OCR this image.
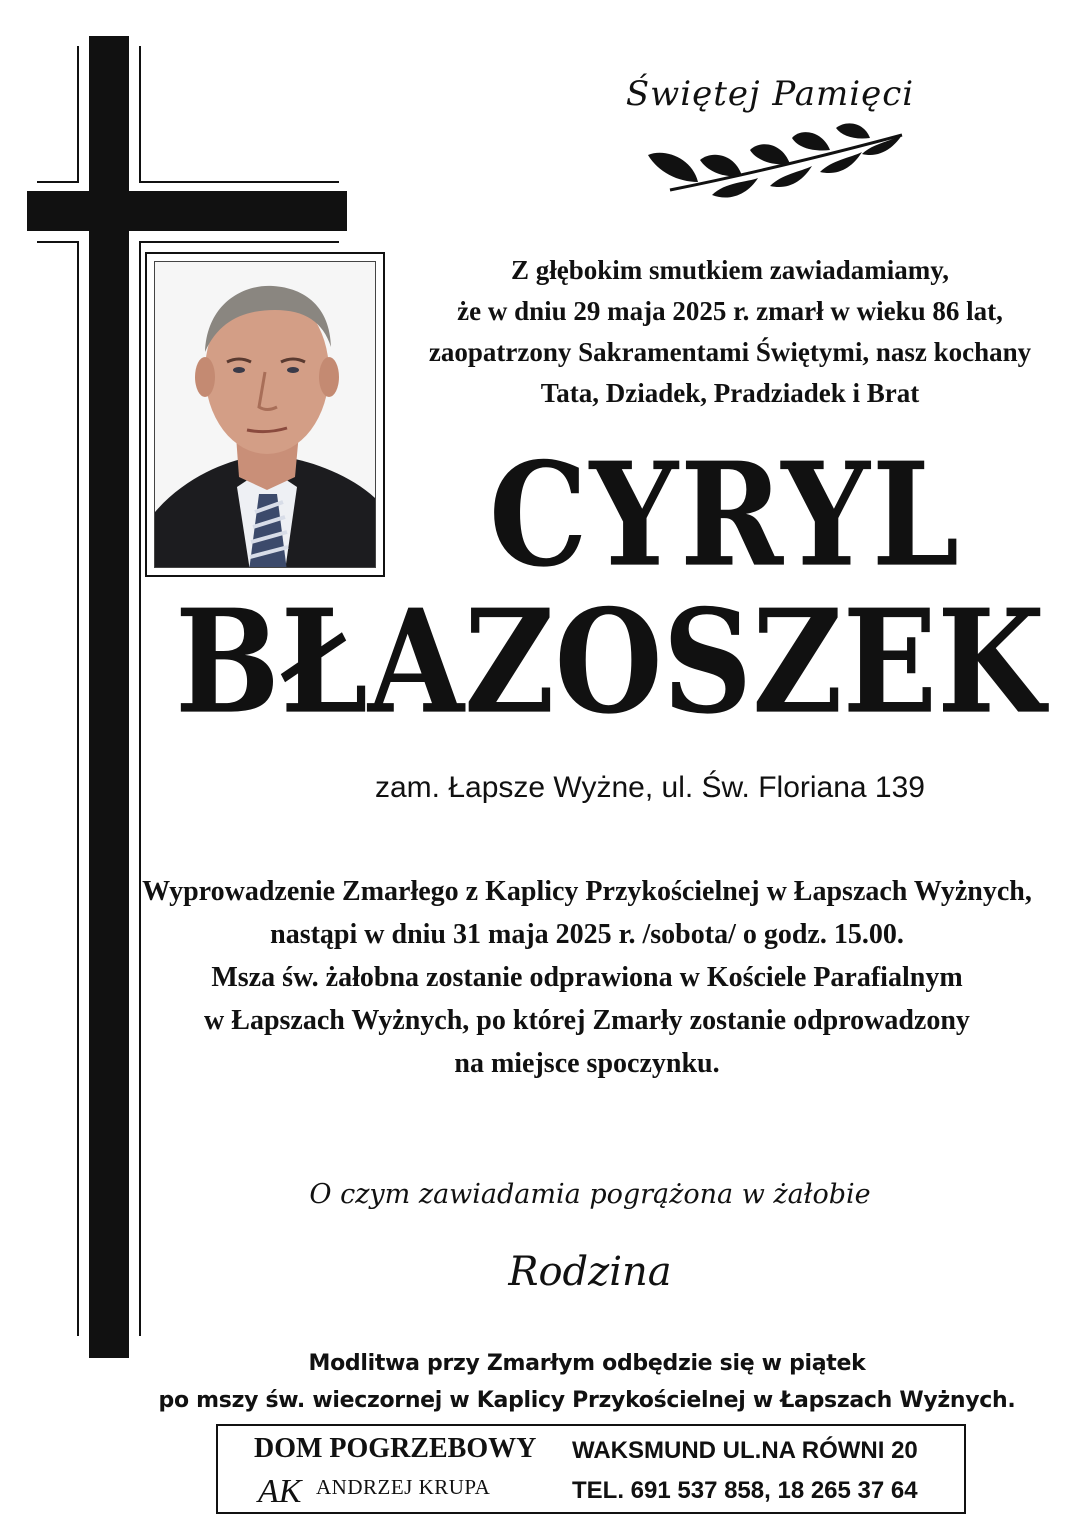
Świętej Pamięci
Z głębokim smutkiem zawiadamiamy,
że w dniu 29 maja 2025 r. zmarł w wieku 86 lat,
zaopatrzony Sakramentami Świętymi, nasz kochany
Tata, Dziadek, Pradziadek i Brat
CYRYL
BŁAZOSZEK
zam. Łapsze Wyżne, ul. Św. Floriana 139
Wyprowadzenie Zmarłego z Kaplicy Przykościelnej w Łapszach Wyżnych,
nastąpi w dniu 31 maja 2025 r. /sobota/ o godz. 15.00.
Msza św. żałobna zostanie odprawiona w Kościele Parafialnym
w Łapszach Wyżnych, po której Zmarły zostanie odprowadzony
na miejsce spoczynku.
O czym zawiadamia pogrążona w żałobie
Rodzina
Modlitwa przy Zmarłym odbędzie się w piątek
po mszy św. wieczornej w Kaplicy Przykościelnej w Łapszach Wyżnych.
DOM POGRZEBOWY
AK ANDRZEJ KRUPA
WAKSMUND UL.NA RÓWNI 20
TEL. 691 537 858, 18 265 37 64
